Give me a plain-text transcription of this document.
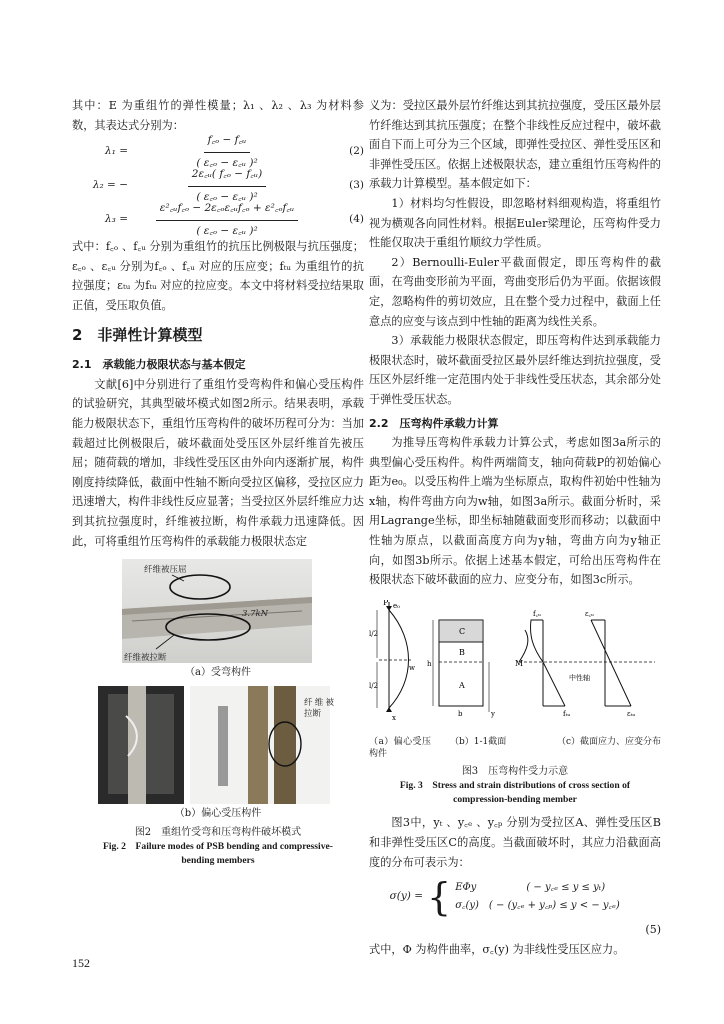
其中：E 为重组竹的弹性模量；λ₁ 、λ₂ 、λ₃ 为材料参数，其表达式分别为：

$\lambda_1 = \frac{\text{f꜀ₒ − f꜀ᵤ}}{\text{( ε꜀ₒ − ε꜀ᵤ )²}}$	(2)
λ₂ = − $\frac{\text{2ε꜀ᵤ( f꜀ₒ − f꜀ᵤ)}}{\text{( ε꜀ₒ − ε꜀ᵤ )²}}$	(3)
$\lambda_3 = \frac{\text{ε²꜀ᵤf꜀ₒ − 2ε꜀ₒε꜀ᵤf꜀ₒ + ε²꜀ₒf꜀ᵤ}}{\text{( ε꜀ₒ − ε꜀ᵤ )²}}$	(4)

式中：f꜀ₒ 、f꜀ᵤ 分别为重组竹的抗压比例极限与抗压强度；ε꜀ₒ 、ε꜀ᵤ 分别为f꜀ₒ 、f꜀ᵤ 对应的压应变；fₜᵤ 为重组竹的抗拉强度；εₜᵤ 为fₜᵤ 对应的拉应变。本文中将材料受拉结果取正值，受压取负值。

2　非弹性计算模型
2.1　承载能力极限状态与基本假定

文献[6]中分别进行了重组竹受弯构件和偏心受压构件的试验研究，其典型破坏模式如图2所示。结果表明，承载能力极限状态下，重组竹压弯构件的破坏历程可分为：当加载超过比例极限后，破坏截面处受压区外层纤维首先被压屈；随荷载的增加，非线性受压区由外向内逐渐扩展，构件刚度持续降低，截面中性轴不断向受拉区偏移，受拉区应力迅速增大，构件非线性反应显著；当受拉区外层纤维应力达到其抗拉强度时，纤维被拉断，构件承载力迅速降低。因此，可将重组竹压弯构件的承载能力极限状态定

纤维被压屈
3.7kN
纤维被拉断
（a）受弯构件
纤维被拉断
（b）偏心受压构件
图2　重组竹受弯和压弯构件破坏模式
Fig. 2　Failure modes of PSB bending and compressive-bending members

义为：受拉区最外层竹纤维达到其抗拉强度，受压区最外层竹纤维达到其抗压强度；在整个非线性反应过程中，破坏截面自下而上可分为三个区域，即弹性受拉区、弹性受压区和非弹性受压区。依据上述极限状态，建立重组竹压弯构件的承载力计算模型。基本假定如下：

1）材料均匀性假设，即忽略材料细观构造，将重组竹视为横观各向同性材料。根据Euler梁理论，压弯构件受力性能仅取决于重组竹顺纹力学性质。

2）Bernoulli-Euler平截面假定，即压弯构件的截面，在弯曲变形前为平面，弯曲变形后仍为平面。依据该假定，忽略构件的剪切效应，且在整个受力过程中，截面上任意点的应变与该点到中性轴的距离为线性关系。

3）承载能力极限状态假定，即压弯构件达到承载能力极限状态时，破坏截面受拉区最外层纤维达到抗拉强度，受压区外层纤维一定范围内处于非线性受压状态，其余部分处于弹性受压状态。

2.2　压弯构件承载力计算

为推导压弯构件承载力计算公式，考虑如图3a所示的典型偏心受压构件。构件两端简支，轴向荷载P的初始偏心距为e₀。以受压构件上端为坐标原点，取构件初始中性轴为x轴，构件弯曲方向为w轴，如图3a所示。截面分析时，采用Lagrange坐标，即坐标轴随截面变形而移动；以截面中性轴为原点，以截面高度方向为y轴，弯曲方向为y轴正向，如图3b所示。依据上述基本假定，可给出压弯构件在极限状态下破坏截面的应力、应变分布，如图3c所示。

P e₀
l/2
l/2
x
w
C
B
A
h
b	y
M
f꜀ᵤ
fₜᵤ
ε꜀ᵤ
εₜᵤ
中性轴
（a）偏心受压构件
（b）1-1截面	（c）截面应力、应变分布
图3　压弯构件受力示意
Fig. 3　Stress and strain distributions of cross section of compression-bending member

图3中，yₜ 、y꜀ₑ 、y꜀ₚ 分别为受拉区A、弹性受压区B和非弹性受压区C的高度。当截面破坏时，其应力沿截面高度的分布可表示为：

σ(y) = { EΦy　　　　　( − y꜀ₑ ≤ y ≤ yₜ)
σ꜀(y)　( − (y꜀ₑ + y꜀ₚ) ≤ y < − y꜀ₑ)
(5)

式中，Φ 为构件曲率，σ꜀(y) 为非线性受压区应力。

152
